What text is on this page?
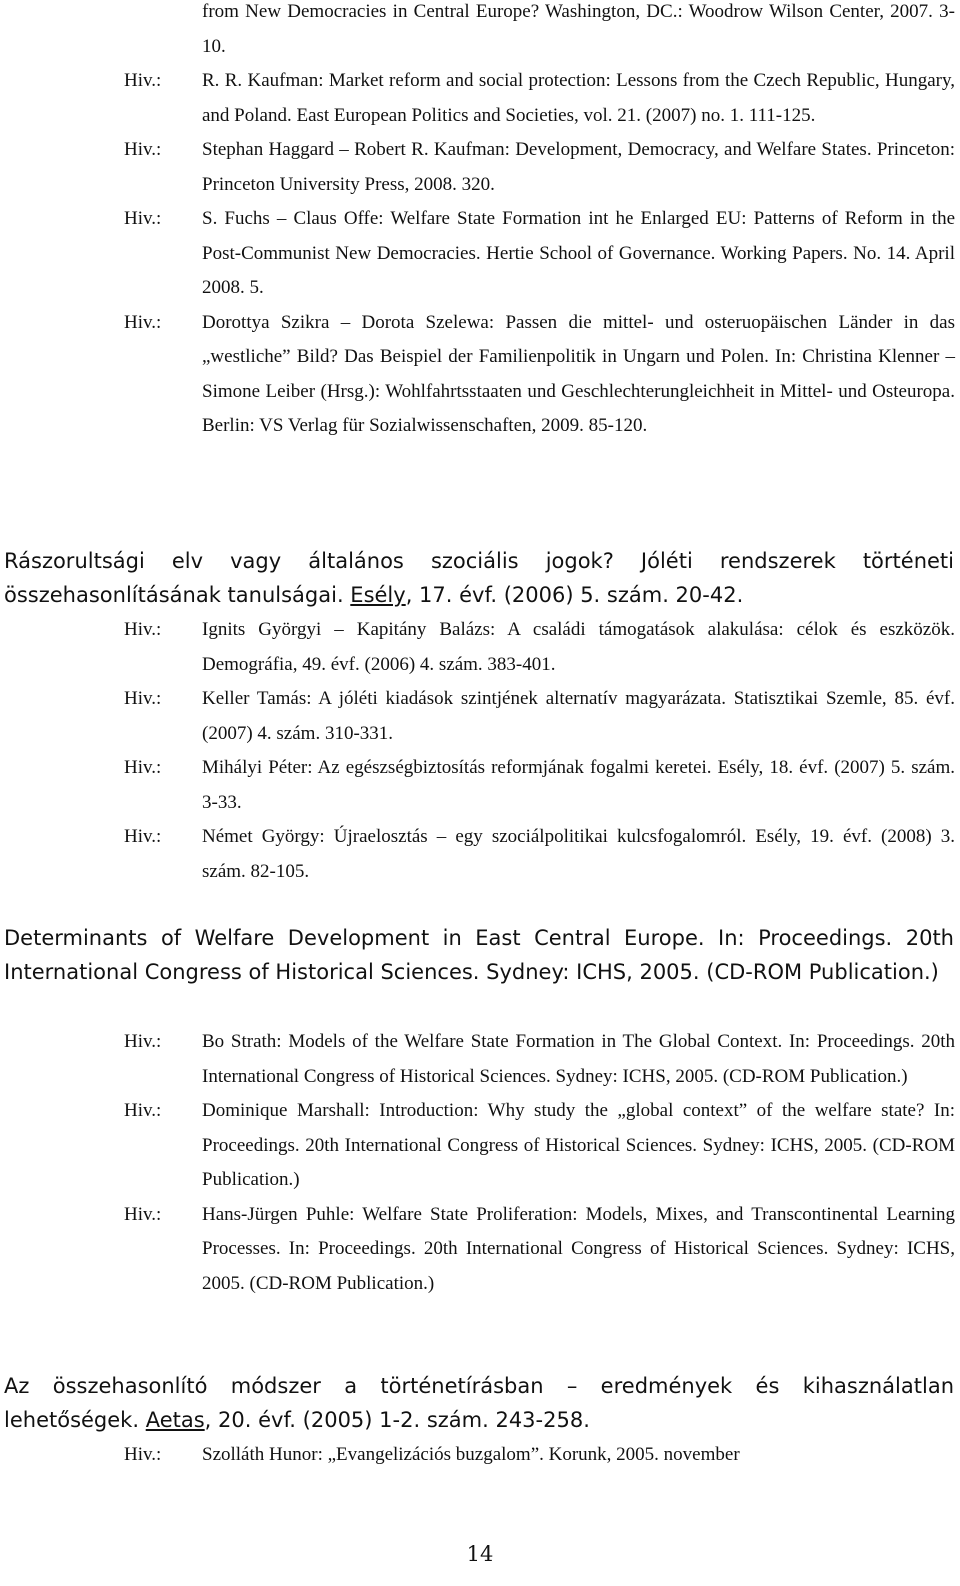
from New Democracies in Central Europe? Washington, DC.: Woodrow Wilson Center, 2007. 3-10.
Hiv.: R. R. Kaufman: Market reform and social protection: Lessons from the Czech Republic, Hungary, and Poland. East European Politics and Societies, vol. 21. (2007) no. 1. 111-125.
Hiv.: Stephan Haggard – Robert R. Kaufman: Development, Democracy, and Welfare States. Princeton: Princeton University Press, 2008. 320.
Hiv.: S. Fuchs – Claus Offe: Welfare State Formation int he Enlarged EU: Patterns of Reform in the Post-Communist New Democracies. Hertie School of Governance. Working Papers. No. 14. April 2008. 5.
Hiv.: Dorottya Szikra – Dorota Szelewa: Passen die mittel- und osteruopäischen Länder in das „westliche” Bild? Das Beispiel der Familienpolitik in Ungarn und Polen. In: Christina Klenner – Simone Leiber (Hrsg.): Wohlfahrtsstaaten und Geschlechterungleichheit in Mittel- und Osteuropa. Berlin: VS Verlag für Sozialwissenschaften, 2009. 85-120.
Rászorultsági elv vagy általános szociális jogok? Jóléti rendszerek történeti összehasonlításának tanulságai. Esély, 17. évf. (2006) 5. szám. 20-42.
Hiv.: Ignits Györgyi – Kapitány Balázs: A családi támogatások alakulása: célok és eszközök. Demográfia, 49. évf. (2006) 4. szám. 383-401.
Hiv.: Keller Tamás: A jóléti kiadások szintjének alternatív magyarázata. Statisztikai Szemle, 85. évf. (2007) 4. szám. 310-331.
Hiv.: Mihályi Péter: Az egészségbiztosítás reformjának fogalmi keretei. Esély, 18. évf. (2007) 5. szám. 3-33.
Hiv.: Német György: Újraelosztás – egy szociálpolitikai kulcsfogalomról. Esély, 19. évf. (2008) 3. szám. 82-105.
Determinants of Welfare Development in East Central Europe. In: Proceedings. 20th International Congress of Historical Sciences. Sydney: ICHS, 2005. (CD-ROM Publication.)
Hiv.: Bo Strath: Models of the Welfare State Formation in The Global Context. In: Proceedings. 20th International Congress of Historical Sciences. Sydney: ICHS, 2005. (CD-ROM Publication.)
Hiv.: Dominique Marshall: Introduction: Why study the „global context” of the welfare state? In: Proceedings. 20th International Congress of Historical Sciences. Sydney: ICHS, 2005. (CD-ROM Publication.)
Hiv.: Hans-Jürgen Puhle: Welfare State Proliferation: Models, Mixes, and Transcontinental Learning Processes. In: Proceedings. 20th International Congress of Historical Sciences. Sydney: ICHS, 2005. (CD-ROM Publication.)
Az összehasonlító módszer a történetírásban – eredmények és kihasználatlan lehetőségek. Aetas, 20. évf. (2005) 1-2. szám. 243-258.
Hiv.: Szolláth Hunor: „Evangelizációs buzgalom”. Korunk, 2005. november
14
